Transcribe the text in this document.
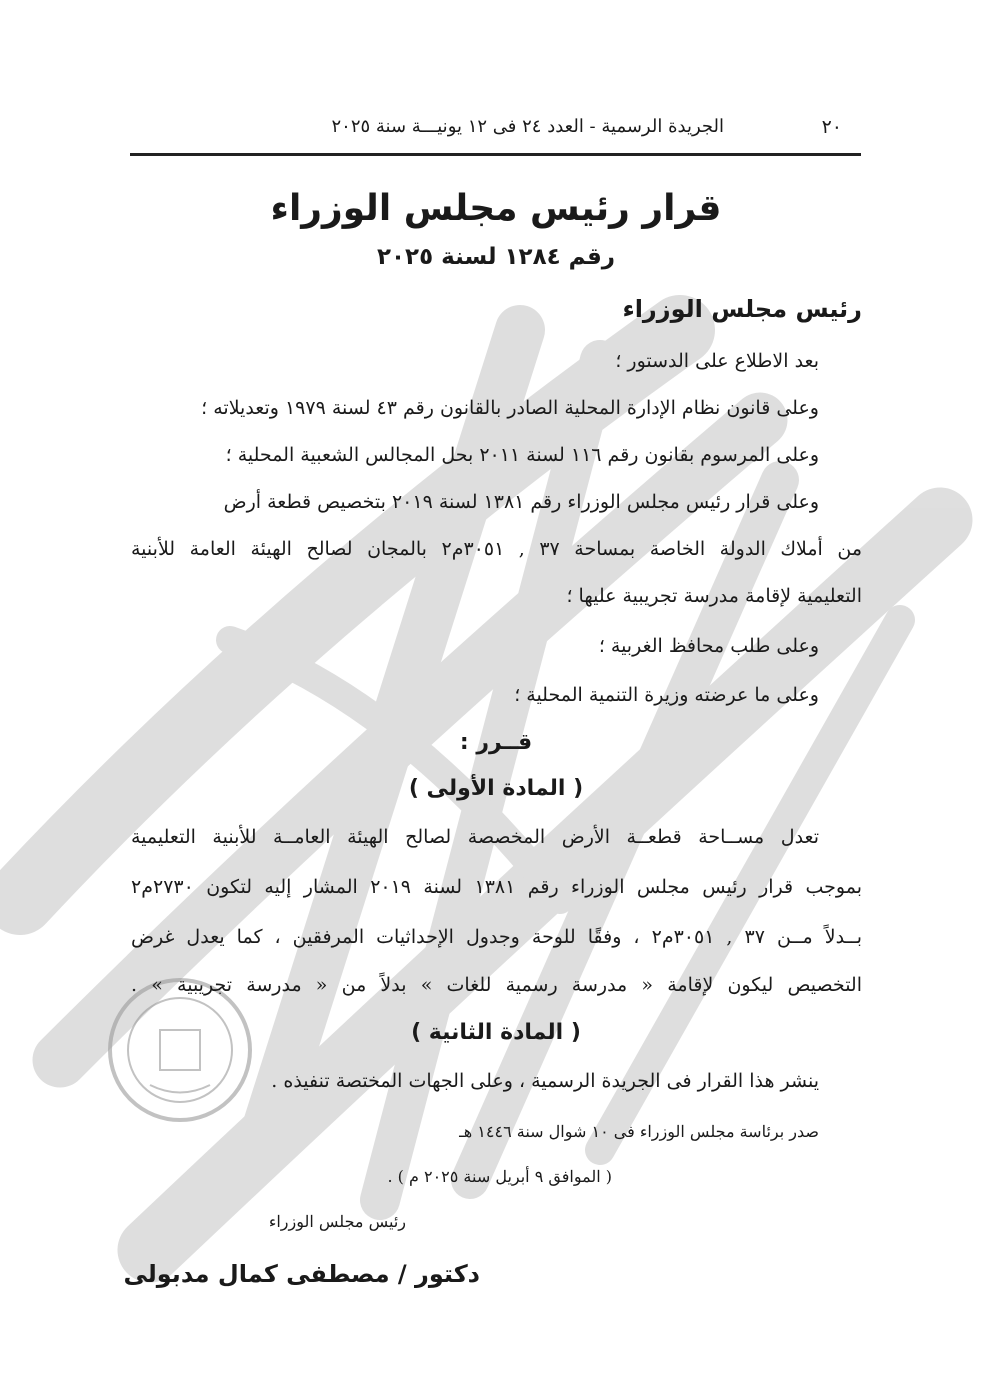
٢٠
الجريدة الرسمية - العدد ٢٤ فى ١٢ يونيـــة سنة ٢٠٢٥
قرار رئيس مجلس الوزراء
رقم ١٢٨٤ لسنة ٢٠٢٥
رئيس مجلس الوزراء
بعد الاطلاع على الدستور ؛
وعلى قانون نظام الإدارة المحلية الصادر بالقانون رقم ٤٣ لسنة ١٩٧٩ وتعديلاته ؛
وعلى المرسوم بقانون رقم ١١٦ لسنة ٢٠١١ بحل المجالس الشعبية المحلية ؛
وعلى قرار رئيس مجلس الوزراء رقم ١٣٨١ لسنة ٢٠١٩ بتخصيص قطعة أرض
من أملاك الدولة الخاصة بمساحة ٣٧ , ٣٠٥١م٢ بالمجان لصالح الهيئة العامة للأبنية
التعليمية لإقامة مدرسة تجريبية عليها ؛
وعلى طلب محافظ الغربية ؛
وعلى ما عرضته وزيرة التنمية المحلية ؛
قــرر :
( المادة الأولى )
تعدل مســاحة قطعــة الأرض المخصصة لصالح الهيئة العامــة للأبنية التعليمية
بموجب قرار رئيس مجلس الوزراء رقم ١٣٨١ لسنة ٢٠١٩ المشار إليه لتكون ٢٧٣٠م٢
بــدلاً مــن ٣٧ , ٣٠٥١م٢ ، وفقًا للوحة وجدول الإحداثيات المرفقين ، كما يعدل غرض
التخصيص ليكون لإقامة « مدرسة رسمية للغات » بدلاً من « مدرسة تجريبية » .
( المادة الثانية )
ينشر هذا القرار فى الجريدة الرسمية ، وعلى الجهات المختصة تنفيذه .
صدر برئاسة مجلس الوزراء فى ١٠ شوال سنة ١٤٤٦ هـ
( الموافق ٩ أبريل سنة ٢٠٢٥ م ) .
رئيس مجلس الوزراء
دكتور / مصطفى كمال مدبولى
